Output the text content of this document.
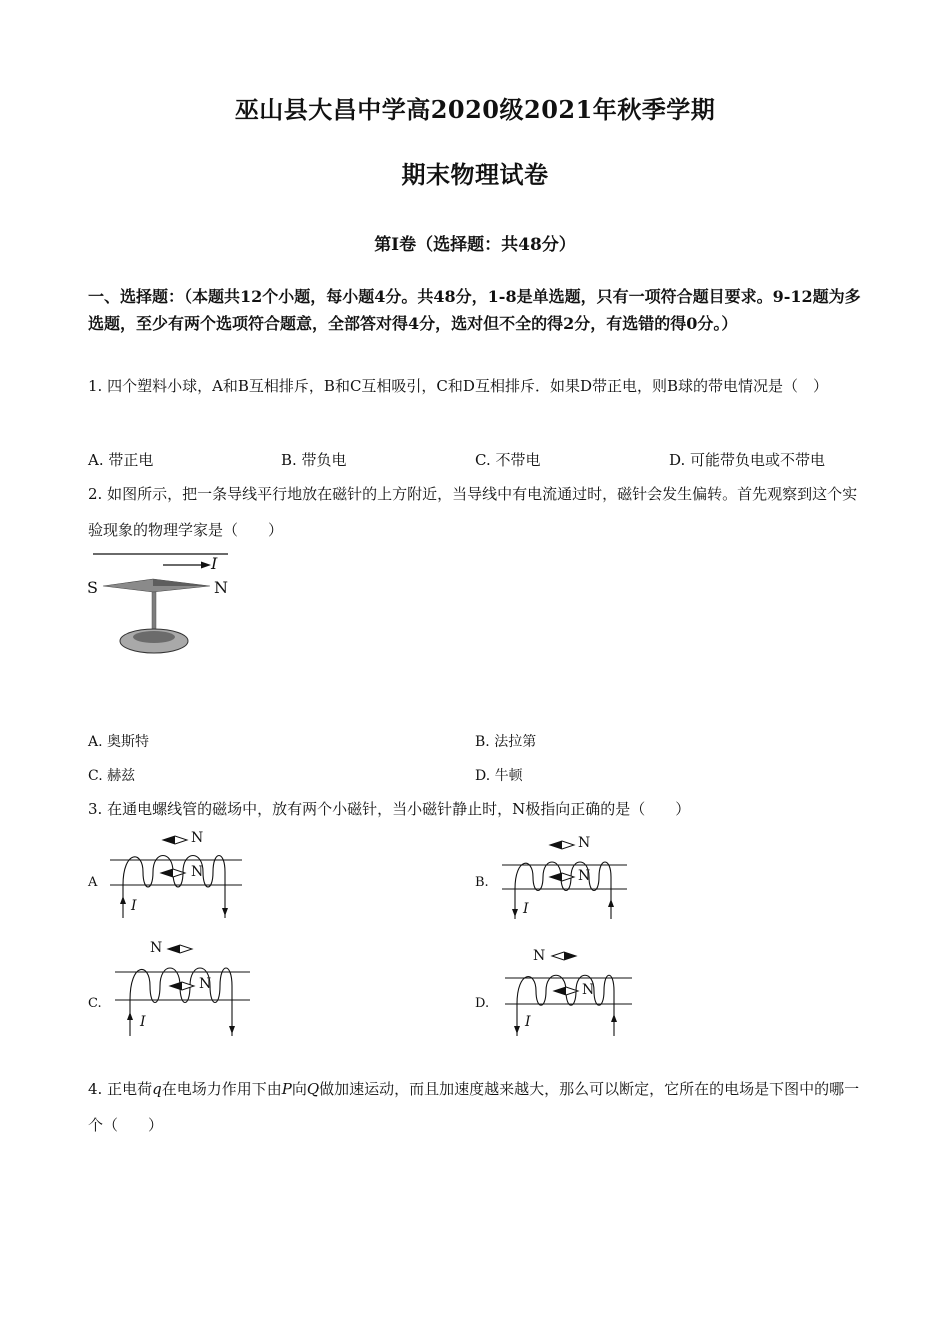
巫山县大昌中学高2020级2021年秋季学期
期末物理试卷
第Ⅰ卷（选择题：共48分）
一、选择题：（本题共12个小题，每小题4分。共48分，1-8是单选题，只有一项符合题目要求。9-12题为多选题，至少有两个选项符合题意，全部答对得4分，选对但不全的得2分，有选错的得0分。）
1. 四个塑料小球，A和B互相排斥，B和C互相吸引，C和D互相排斥．如果D带正电，则B球的带电情况是（　）
A. 带正电	B. 带负电	C. 不带电	D. 可能带负电或不带电
2. 如图所示，把一条导线平行地放在磁针的上方附近，当导线中有电流通过时，磁针会发生偏转。首先观察到这个实验现象的物理学家是（　　）
S	N
I
A. 奥斯特	B. 法拉第
C. 赫兹	D. 牛顿
3. 在通电螺线管的磁场中，放有两个小磁针，当小磁针静止时，N极指向正确的是（　　）
A
N
N
I
B.
N
N
I
C.
N
N
I
D.
N
N
I
4. 正电荷q在电场力作用下由P向Q做加速运动，而且加速度越来越大，那么可以断定，它所在的电场是下图中的哪一个（　　）
